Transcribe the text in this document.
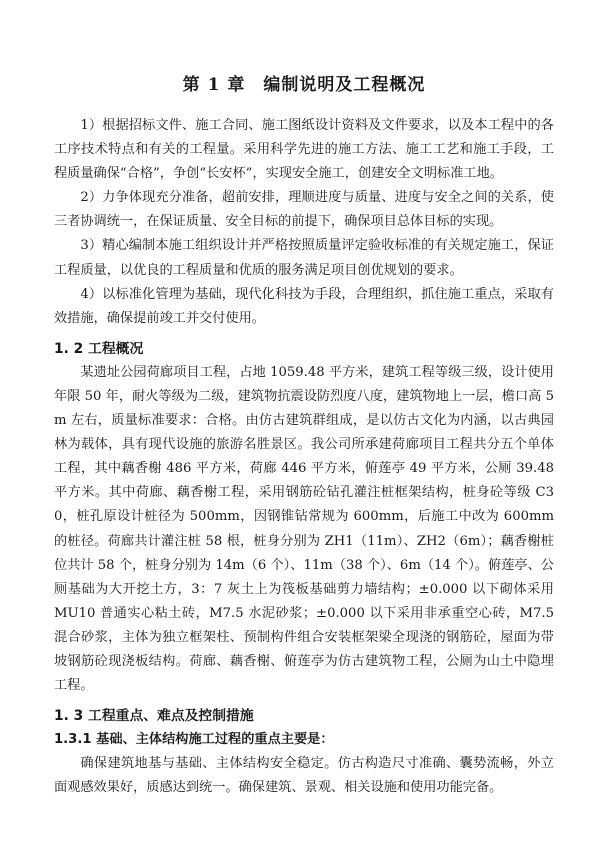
第 1 章　编制说明及工程概况

1）根据招标文件、施工合同、施工图纸设计资料及文件要求，以及本工程中的各工序技术特点和有关的工程量。采用科学先进的施工方法、施工工艺和施工手段，工程质量确保“合格”，争创“长安杯”，实现安全施工，创建安全文明标准工地。

2）力争体现充分准备，超前安排，理顺进度与质量、进度与安全之间的关系，使三者协调统一，在保证质量、安全目标的前提下，确保项目总体目标的实现。

3）精心编制本施工组织设计并严格按照质量评定验收标准的有关规定施工，保证工程质量，以优良的工程质量和优质的服务满足项目创优规划的要求。

4）以标准化管理为基础，现代化科技为手段，合理组织，抓住施工重点，采取有效措施，确保提前竣工并交付使用。

1. 2 工程概况

某遗址公园荷廊项目工程，占地 1059.48 平方米，建筑工程等级三级，设计使用年限 50 年，耐火等级为二级，建筑物抗震设防烈度八度，建筑物地上一层，檐口高 5m 左右，质量标准要求：合格。由仿古建筑群组成，是以仿古文化为内涵，以古典园林为载体，具有现代设施的旅游名胜景区。我公司所承建荷廊项目工程共分五个单体工程，其中藕香榭 486 平方米，荷廊 446 平方米，俯莲亭 49 平方米，公厕 39.48 平方米。其中荷廊、藕香榭工程，采用钢筋砼钻孔灌注桩框架结构，桩身砼等级 C30，桩孔原设计桩径为 500mm，因钢锥钻常规为 600mm，后施工中改为 600mm 的桩径。荷廊共计灌注桩 58 根，桩身分别为 ZH1（11m）、ZH2（6m）；藕香榭桩位共计 58 个，桩身分别为 14m（6 个）、11m（38 个）、6m（14 个）。俯莲亭、公厕基础为大开挖土方，3：7 灰土上为筏板基础剪力墙结构；±0.000 以下砌体采用 MU10 普通实心粘土砖，M7.5 水泥砂浆；±0.000 以下采用非承重空心砖，M7.5 混合砂浆，主体为独立框架柱、预制构件组合安装框架梁全现浇的钢筋砼，屋面为带坡钢筋砼现浇板结构。荷廊、藕香榭、俯莲亭为仿古建筑物工程，公厕为山土中隐埋工程。

1. 3 工程重点、难点及控制措施
1.3.1 基础、主体结构施工过程的重点主要是：

确保建筑地基与基础、主体结构安全稳定。仿古构造尺寸准确、囊势流畅，外立面观感效果好，质感达到统一。确保建筑、景观、相关设施和使用功能完备。
